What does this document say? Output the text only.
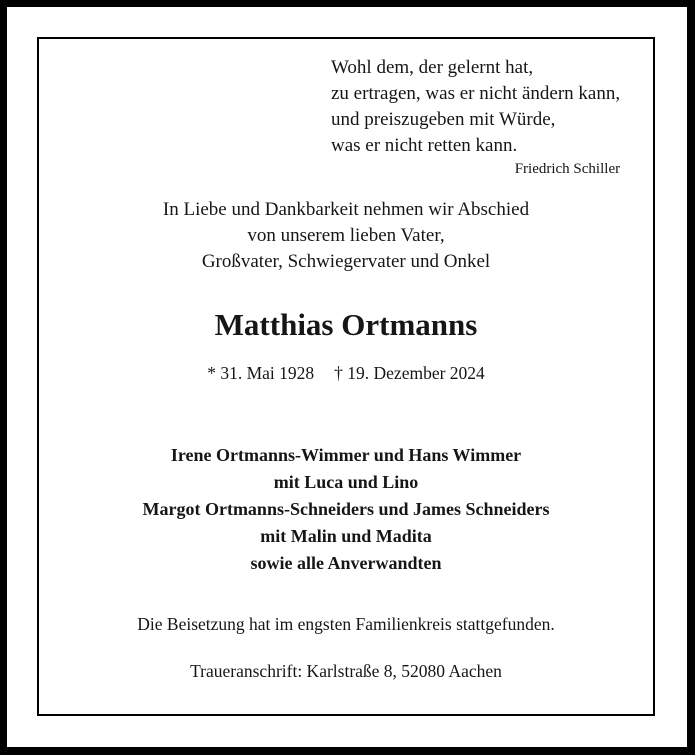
Wohl dem, der gelernt hat,
zu ertragen, was er nicht ändern kann,
und preiszugeben mit Würde,
was er nicht retten kann.
Friedrich Schiller
In Liebe und Dankbarkeit nehmen wir Abschied
von unserem lieben Vater,
Großvater, Schwiegervater und Onkel
Matthias Ortmanns
* 31. Mai 1928 † 19. Dezember 2024
Irene Ortmanns-Wimmer und Hans Wimmer
mit Luca und Lino
Margot Ortmanns-Schneiders und James Schneiders
mit Malin und Madita
sowie alle Anverwandten
Die Beisetzung hat im engsten Familienkreis stattgefunden.
Traueranschrift: Karlstraße 8, 52080 Aachen
